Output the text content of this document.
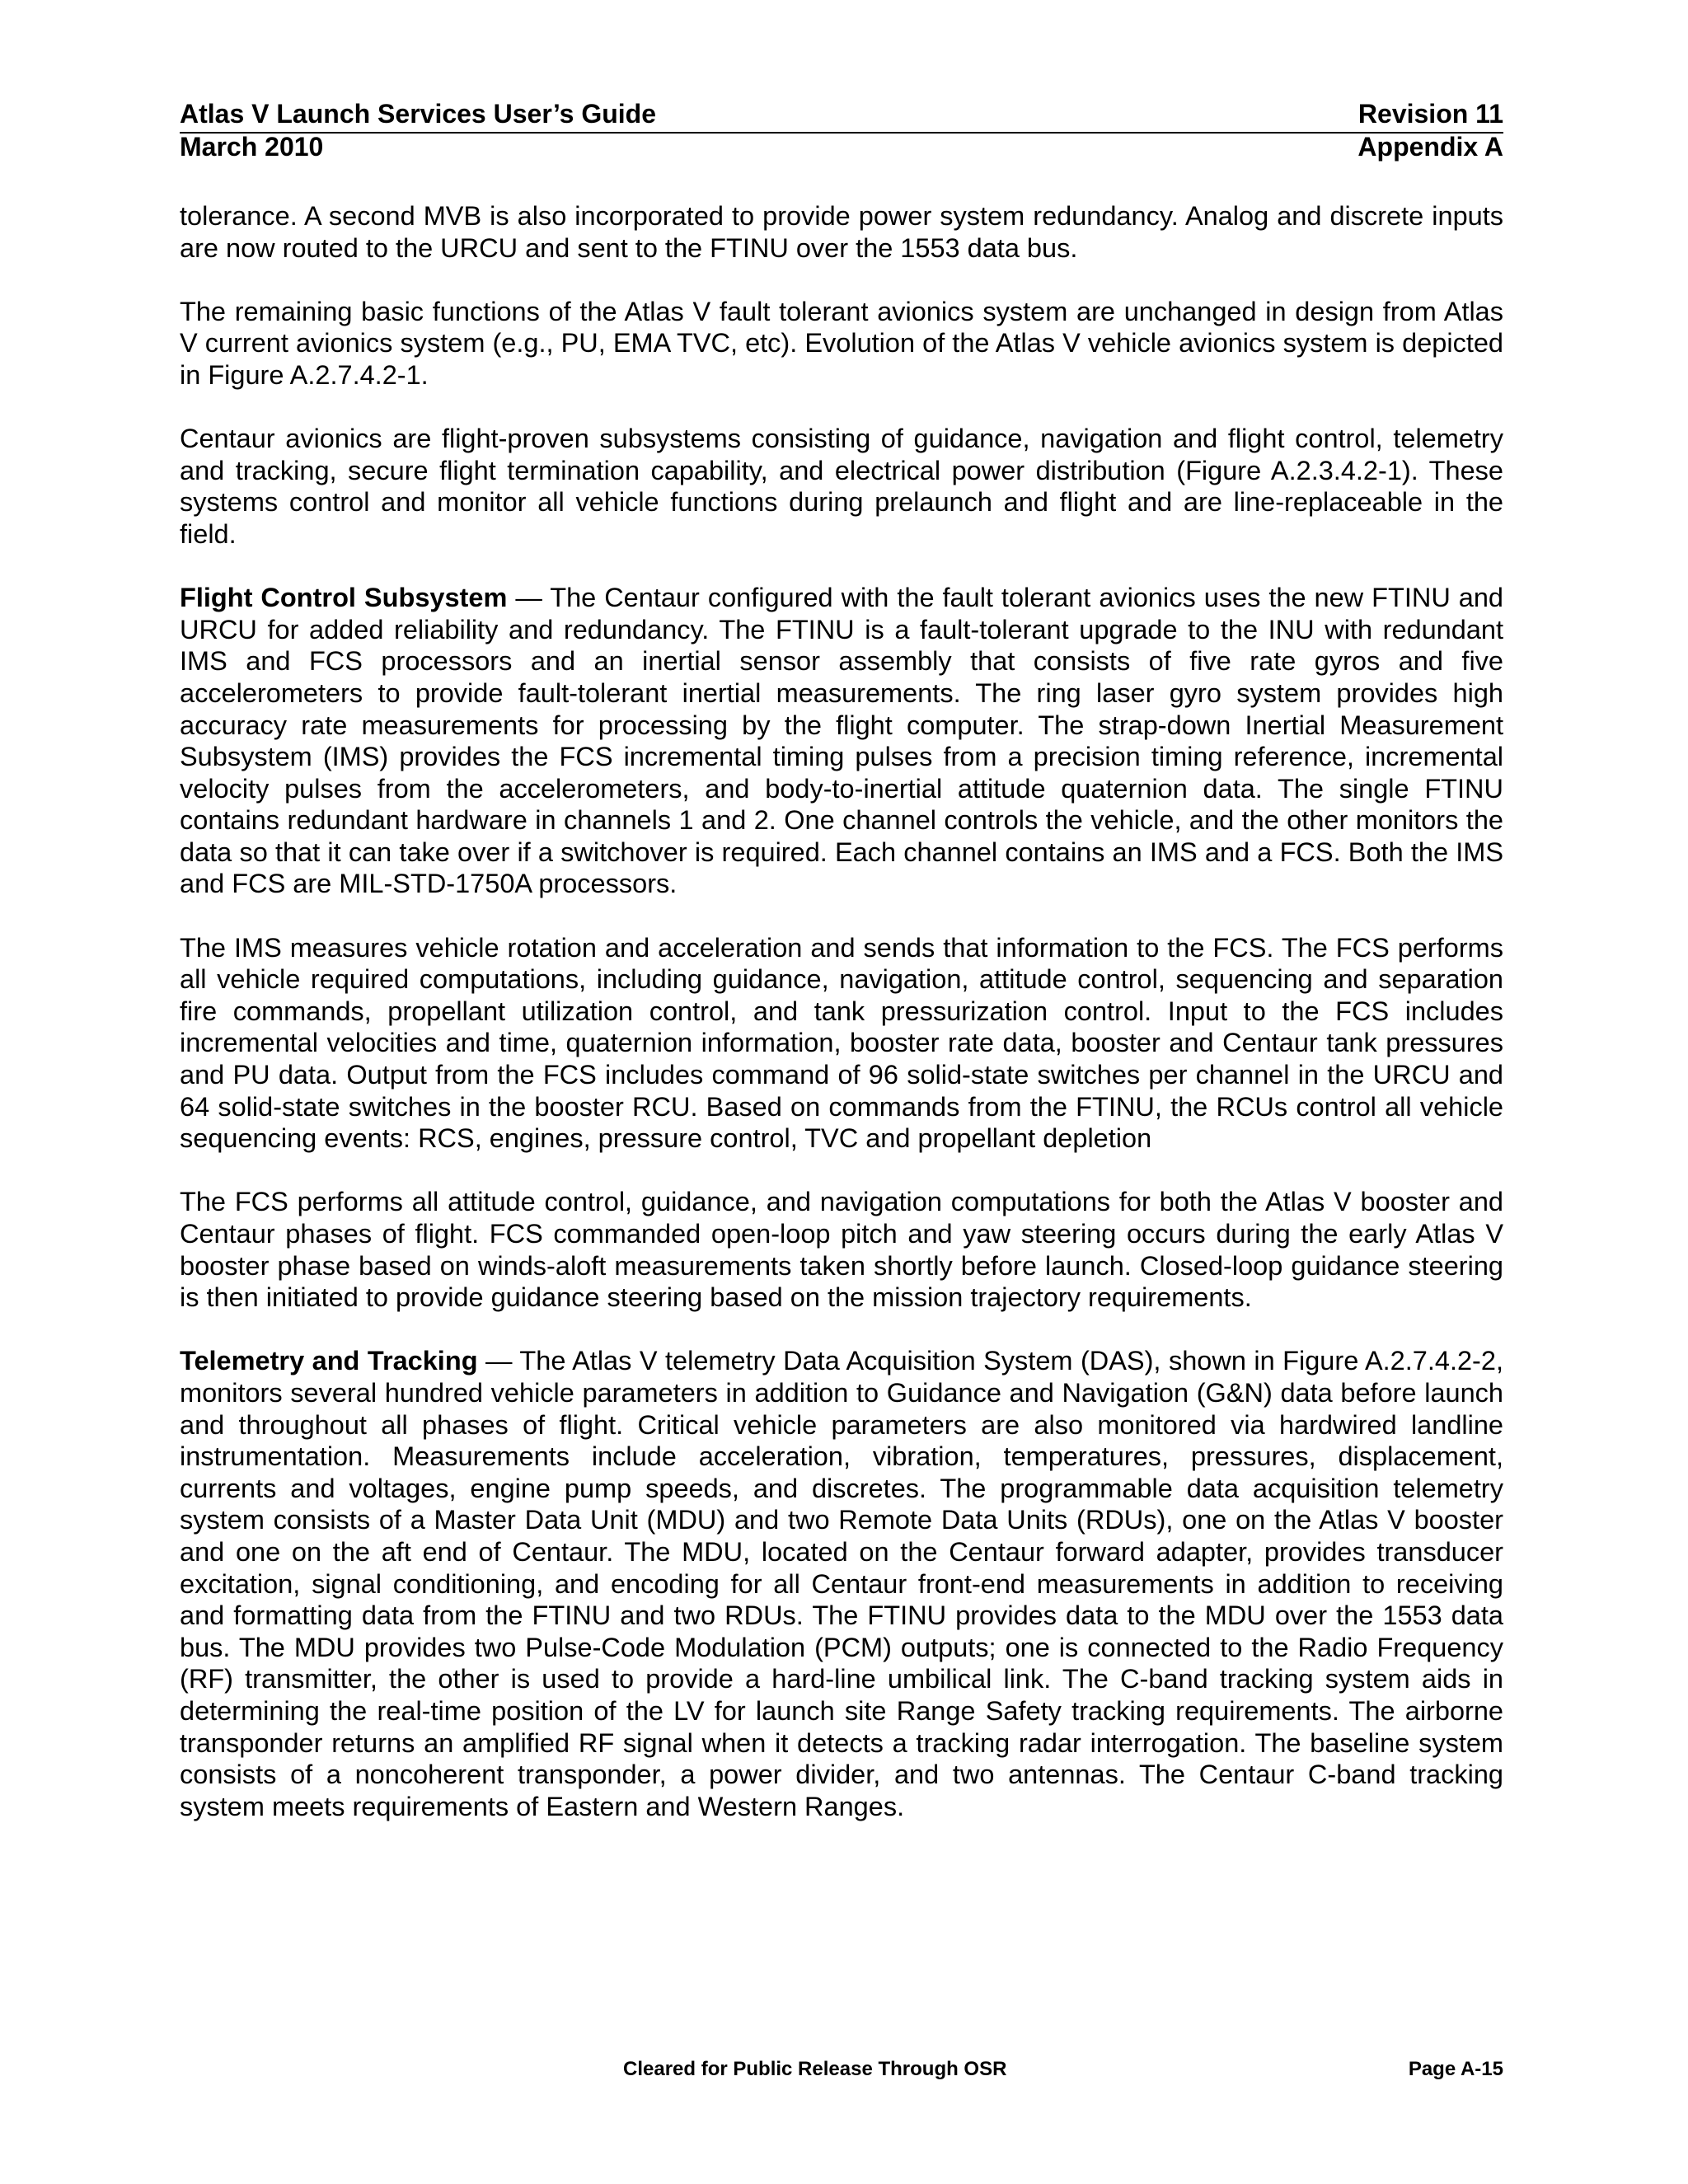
Atlas V Launch Services User’s Guide	Revision 11
March 2010	Appendix A

tolerance. A second MVB is also incorporated to provide power system redundancy. Analog and discrete inputs are now routed to the URCU and sent to the FTINU over the 1553 data bus.

The remaining basic functions of the Atlas V fault tolerant avionics system are unchanged in design from Atlas V current avionics system (e.g., PU, EMA TVC, etc). Evolution of the Atlas V vehicle avionics system is depicted in Figure A.2.7.4.2-1.

Centaur avionics are flight-proven subsystems consisting of guidance, navigation and flight control, telemetry and tracking, secure flight termination capability, and electrical power distribution (Figure A.2.3.4.2-1). These systems control and monitor all vehicle functions during prelaunch and flight and are line-replaceable in the field.

Flight Control Subsystem — The Centaur configured with the fault tolerant avionics uses the new FTINU and URCU for added reliability and redundancy. The FTINU is a fault-tolerant upgrade to the INU with redundant IMS and FCS processors and an inertial sensor assembly that consists of five rate gyros and five accelerometers to provide fault-tolerant inertial measurements. The ring laser gyro system provides high accuracy rate measurements for processing by the flight computer. The strap-down Inertial Measurement Subsystem (IMS) provides the FCS incremental timing pulses from a precision timing reference, incremental velocity pulses from the accelerometers, and body-to-inertial attitude quaternion data. The single FTINU contains redundant hardware in channels 1 and 2. One channel controls the vehicle, and the other monitors the data so that it can take over if a switchover is required. Each channel contains an IMS and a FCS. Both the IMS and FCS are MIL-STD-1750A processors.

The IMS measures vehicle rotation and acceleration and sends that information to the FCS. The FCS performs all vehicle required computations, including guidance, navigation, attitude control, sequencing and separation fire commands, propellant utilization control, and tank pressurization control. Input to the FCS includes incremental velocities and time, quaternion information, booster rate data, booster and Centaur tank pressures and PU data. Output from the FCS includes command of 96 solid-state switches per channel in the URCU and 64 solid-state switches in the booster RCU. Based on commands from the FTINU, the RCUs control all vehicle sequencing events: RCS, engines, pressure control, TVC and propellant depletion

The FCS performs all attitude control, guidance, and navigation computations for both the Atlas V booster and Centaur phases of flight. FCS commanded open-loop pitch and yaw steering occurs during the early Atlas V booster phase based on winds-aloft measurements taken shortly before launch. Closed-loop guidance steering is then initiated to provide guidance steering based on the mission trajectory requirements.

Telemetry and Tracking — The Atlas V telemetry Data Acquisition System (DAS), shown in Figure A.2.7.4.2-2, monitors several hundred vehicle parameters in addition to Guidance and Navigation (G&N) data before launch and throughout all phases of flight. Critical vehicle parameters are also monitored via hardwired landline instrumentation. Measurements include acceleration, vibration, temperatures, pressures, displacement, currents and voltages, engine pump speeds, and discretes. The programmable data acquisition telemetry system consists of a Master Data Unit (MDU) and two Remote Data Units (RDUs), one on the Atlas V booster and one on the aft end of Centaur. The MDU, located on the Centaur forward adapter, provides transducer excitation, signal conditioning, and encoding for all Centaur front-end measurements in addition to receiving and formatting data from the FTINU and two RDUs. The FTINU provides data to the MDU over the 1553 data bus. The MDU provides two Pulse-Code Modulation (PCM) outputs; one is connected to the Radio Frequency (RF) transmitter, the other is used to provide a hard-line umbilical link. The C-band tracking system aids in determining the real-time position of the LV for launch site Range Safety tracking requirements. The airborne transponder returns an amplified RF signal when it detects a tracking radar interrogation. The baseline system consists of a noncoherent transponder, a power divider, and two antennas. The Centaur C-band tracking system meets requirements of Eastern and Western Ranges.

Cleared for Public Release Through OSR	Page A-15
